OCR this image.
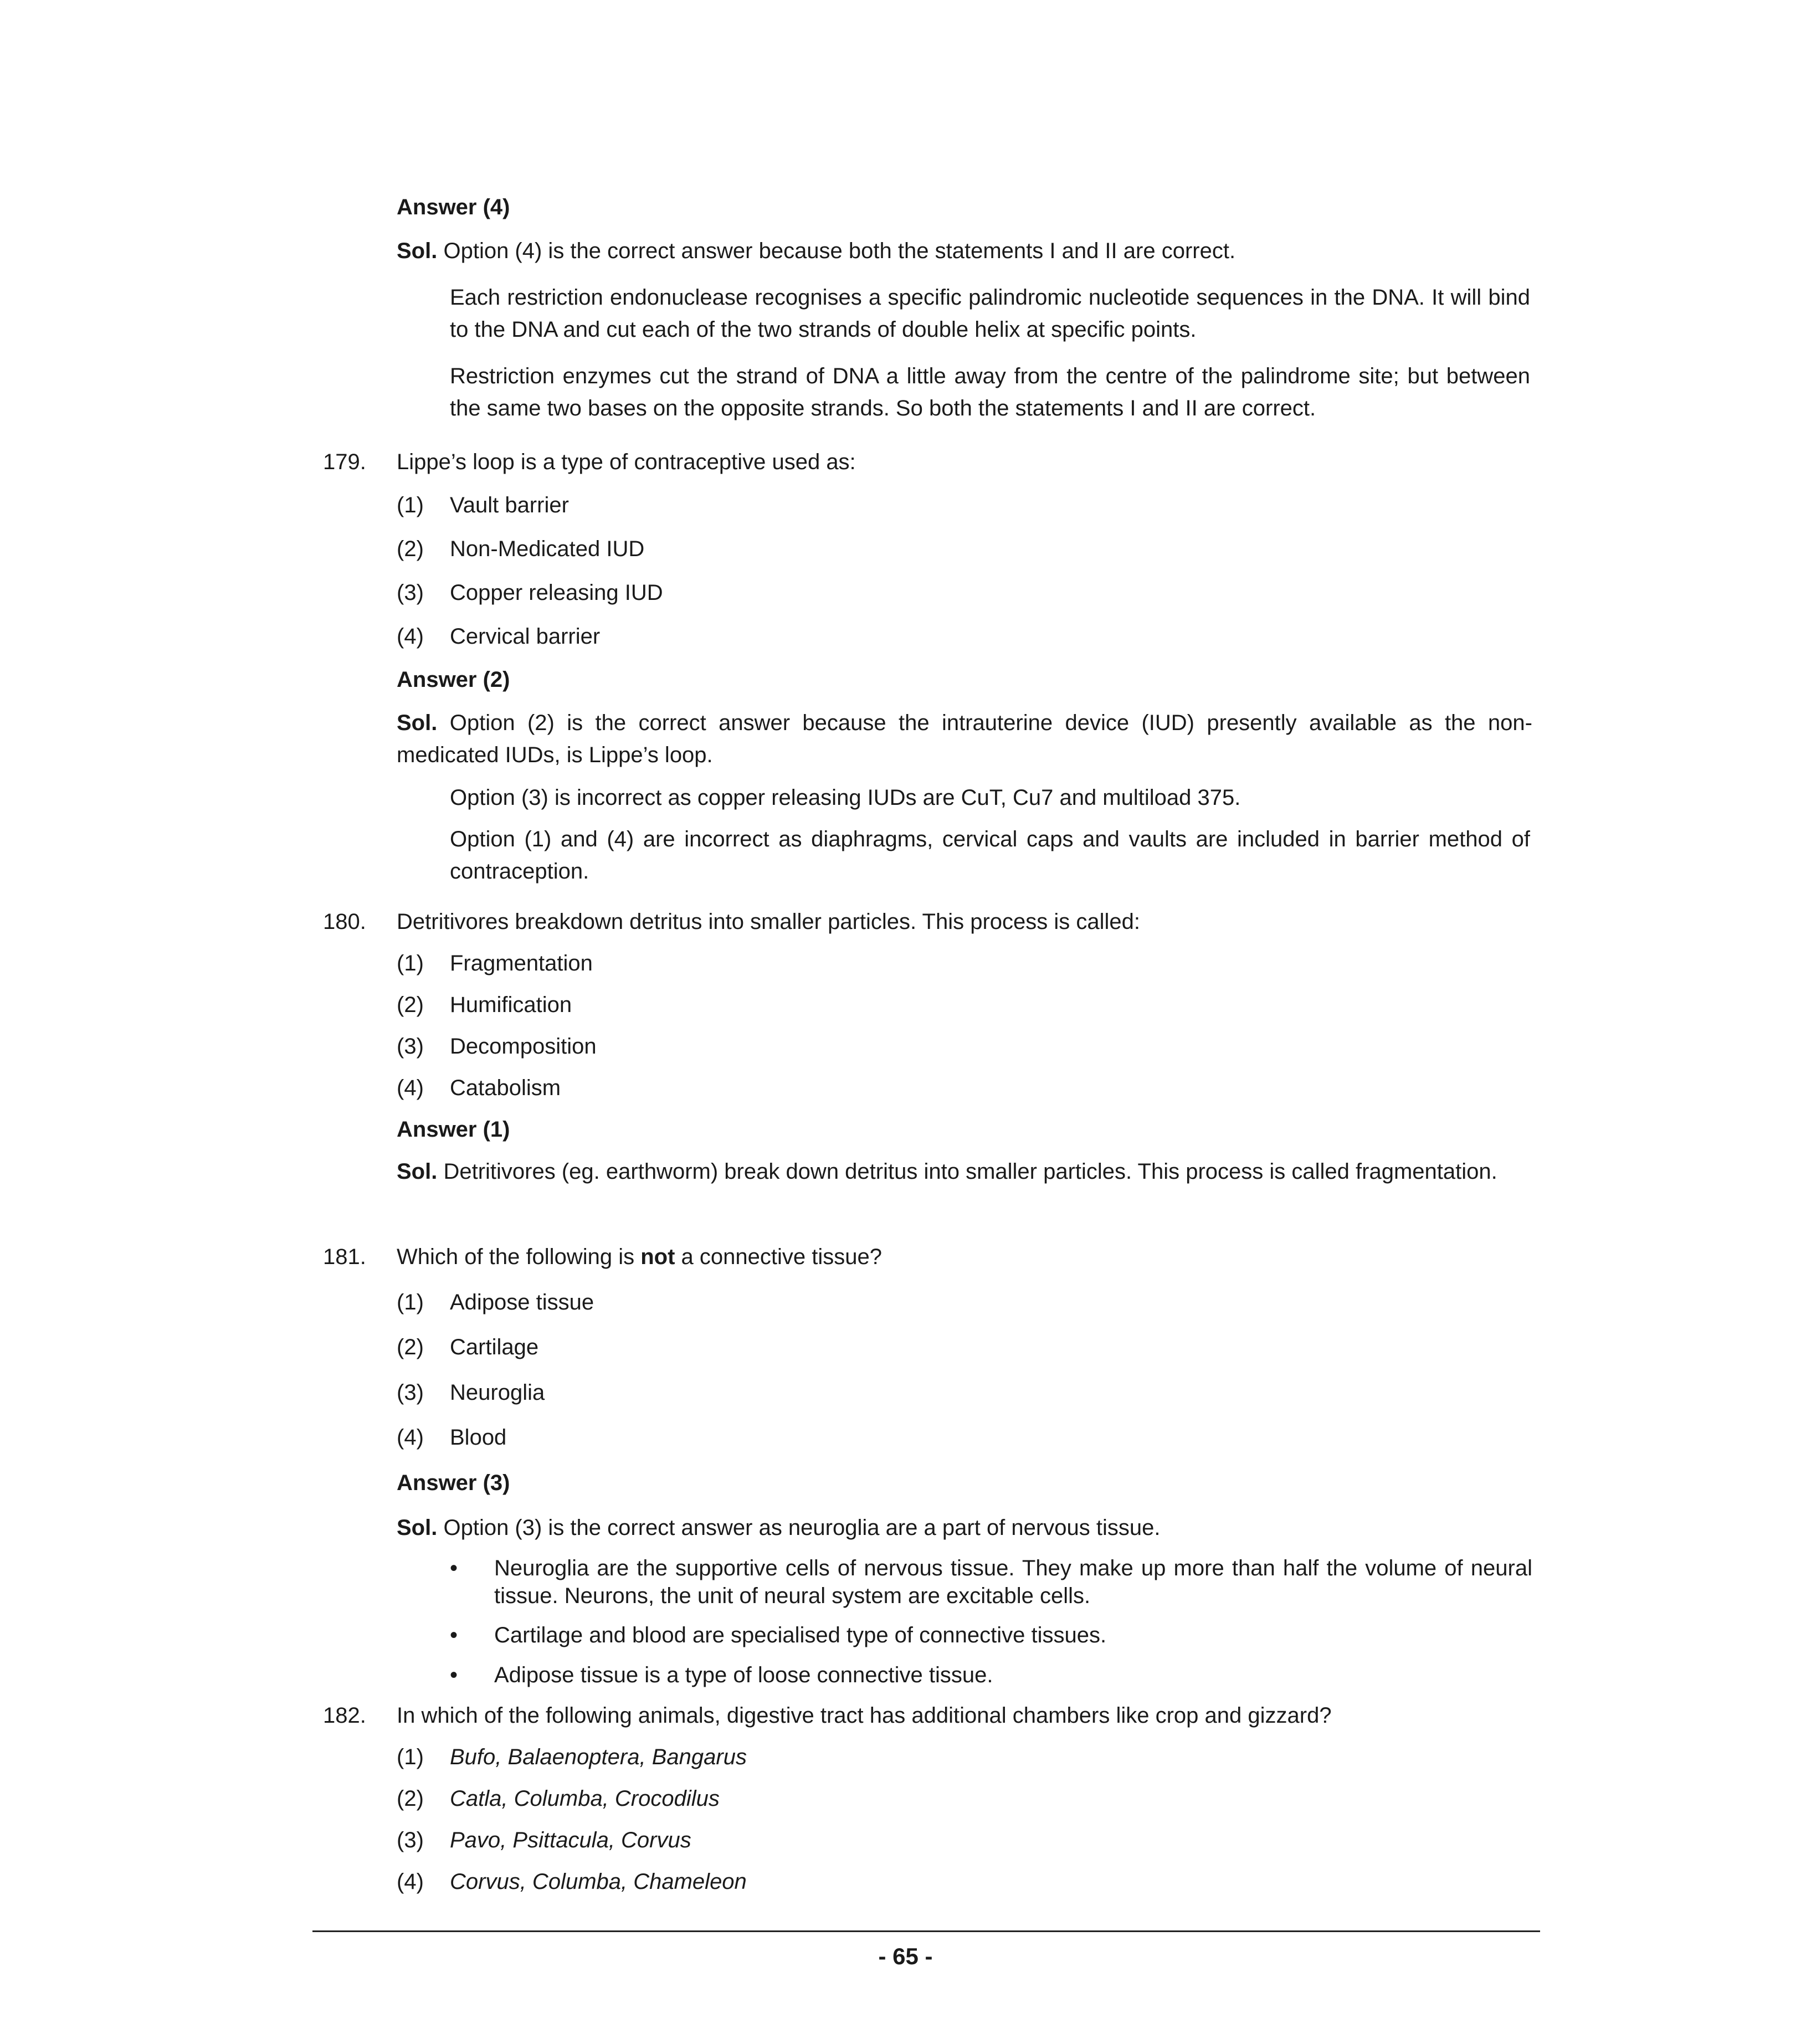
Answer (4)
Sol. Option (4) is the correct answer because both the statements I and II are correct.
Each restriction endonuclease recognises a specific palindromic nucleotide sequences in the DNA. It will bind to the DNA and cut each of the two strands of double helix at specific points.
Restriction enzymes cut the strand of DNA a little away from the centre of the palindrome site; but between the same two bases on the opposite strands. So both the statements I and II are correct.
179. Lippe’s loop is a type of contraceptive used as:
(1) Vault barrier
(2) Non-Medicated IUD
(3) Copper releasing IUD
(4) Cervical barrier
Answer (2)
Sol. Option (2) is the correct answer because the intrauterine device (IUD) presently available as the non-medicated IUDs, is Lippe’s loop.
Option (3) is incorrect as copper releasing IUDs are CuT, Cu7 and multiload 375.
Option (1) and (4) are incorrect as diaphragms, cervical caps and vaults are included in barrier method of contraception.
180. Detritivores breakdown detritus into smaller particles. This process is called:
(1) Fragmentation
(2) Humification
(3) Decomposition
(4) Catabolism
Answer (1)
Sol. Detritivores (eg. earthworm) break down detritus into smaller particles. This process is called fragmentation.
181. Which of the following is not a connective tissue?
(1) Adipose tissue
(2) Cartilage
(3) Neuroglia
(4) Blood
Answer (3)
Sol. Option (3) is the correct answer as neuroglia are a part of nervous tissue.
• Neuroglia are the supportive cells of nervous tissue. They make up more than half the volume of neural tissue. Neurons, the unit of neural system are excitable cells.
• Cartilage and blood are specialised type of connective tissues.
• Adipose tissue is a type of loose connective tissue.
182. In which of the following animals, digestive tract has additional chambers like crop and gizzard?
(1) Bufo, Balaenoptera, Bangarus
(2) Catla, Columba, Crocodilus
(3) Pavo, Psittacula, Corvus
(4) Corvus, Columba, Chameleon
- 65 -
